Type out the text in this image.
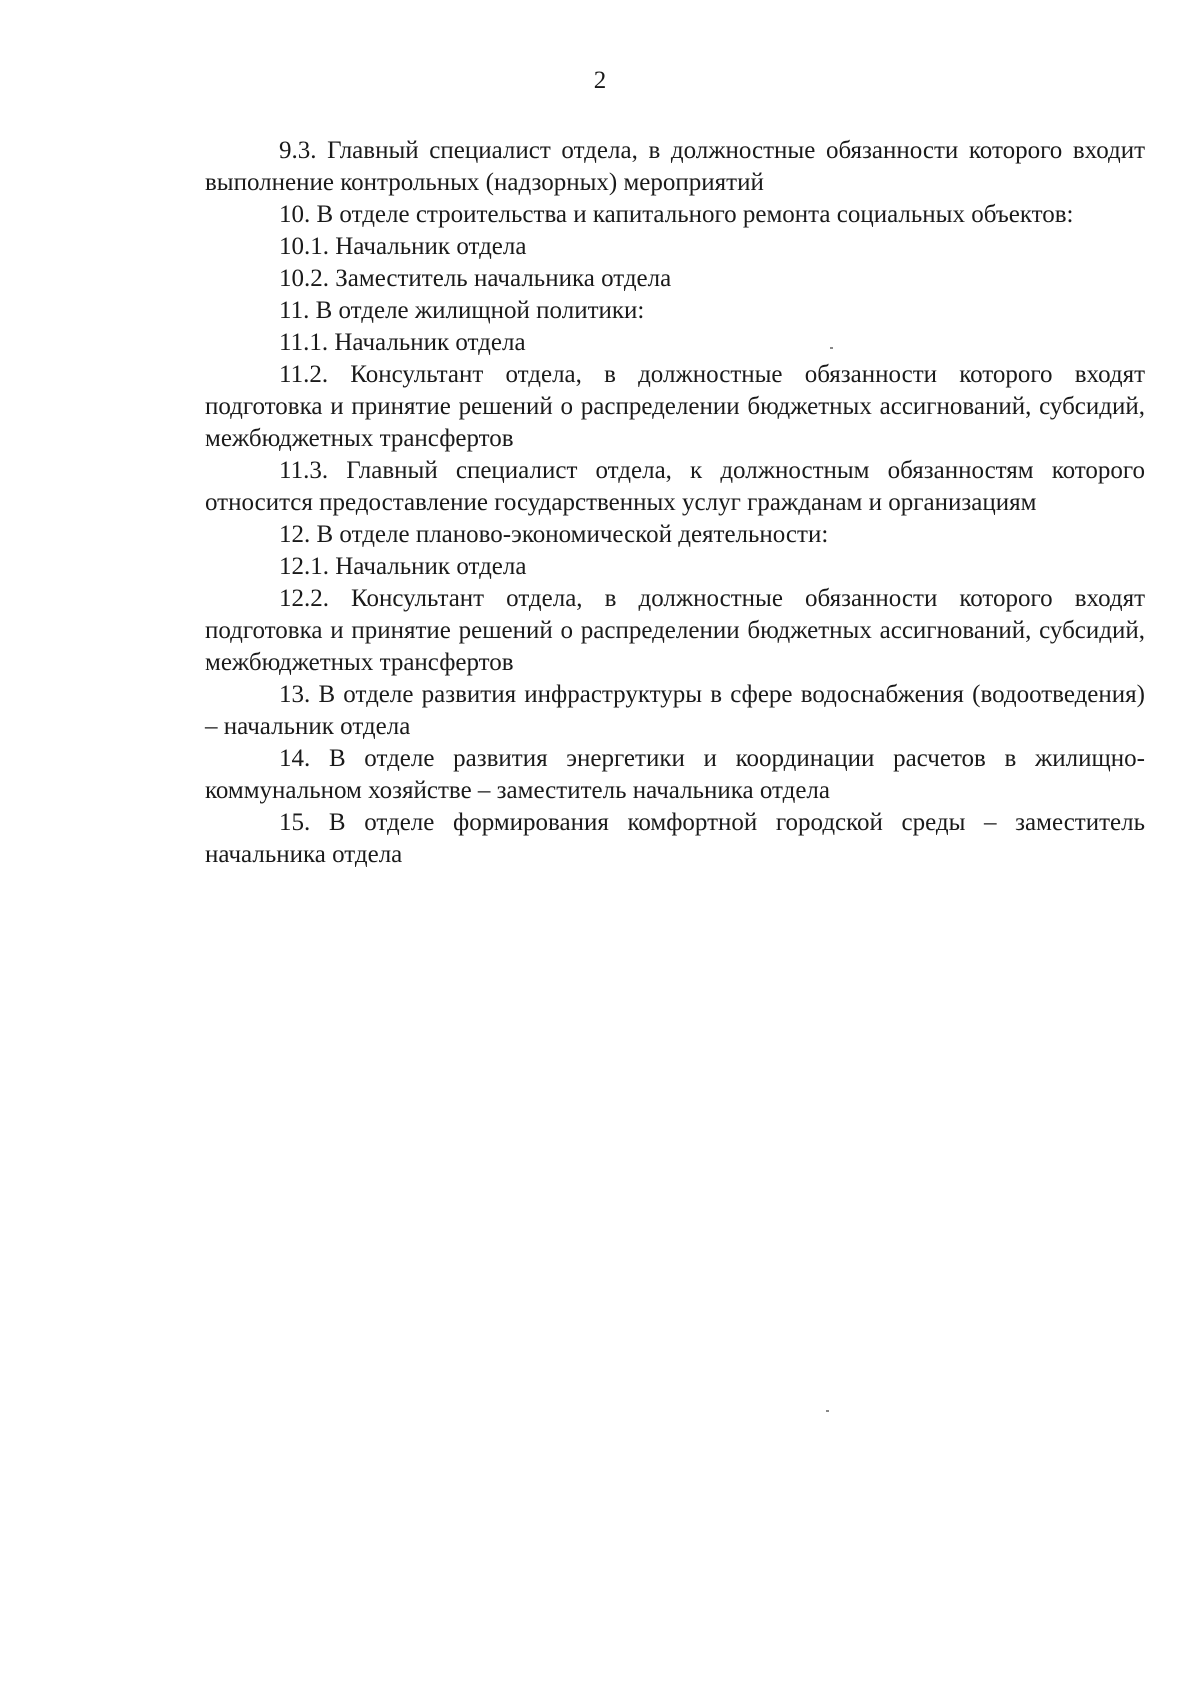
2

9.3. Главный специалист отдела, в должностные обязанности которого входит выполнение контрольных (надзорных) мероприятий

10. В отделе строительства и капитального ремонта социальных объектов:

10.1. Начальник отдела

10.2. Заместитель начальника отдела

11. В отделе жилищной политики:

11.1. Начальник отдела

11.2. Консультант отдела, в должностные обязанности которого входят подготовка и принятие решений о распределении бюджетных ассигнований, субсидий, межбюджетных трансфертов

11.3. Главный специалист отдела, к должностным обязанностям которого относится предоставление государственных услуг гражданам и организациям

12. В отделе планово-экономической деятельности:

12.1. Начальник отдела

12.2. Консультант отдела, в должностные обязанности которого входят подготовка и принятие решений о распределении бюджетных ассигнований, субсидий, межбюджетных трансфертов

13. В отделе развития инфраструктуры в сфере водоснабжения (водоотведения) – начальник отдела

14. В отделе развития энергетики и координации расчетов в жилищно-коммунальном хозяйстве – заместитель начальника отдела

15. В отделе формирования комфортной городской среды – заместитель начальника отдела
